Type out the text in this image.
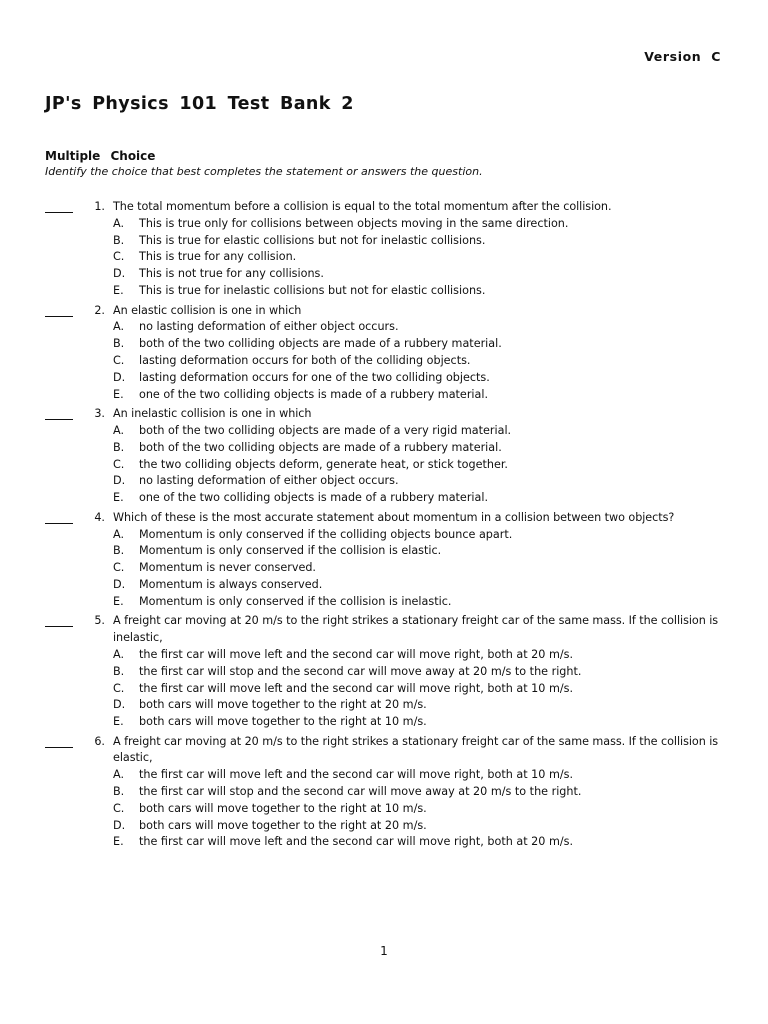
Version C
JP's Physics 101 Test Bank 2

Multiple Choice

Identify the choice that best completes the statement or answers the question.

1. The total momentum before a collision is equal to the total momentum after the collision.
A.	This is true only for collisions between objects moving in the same direction.
B.	This is true for elastic collisions but not for inelastic collisions.
C.	This is true for any collision.
D.	This is not true for any collisions.
E.	This is true for inelastic collisions but not for elastic collisions.
2. An elastic collision is one in which
A.	no lasting deformation of either object occurs.
B.	both of the two colliding objects are made of a rubbery material.
C.	lasting deformation occurs for both of the colliding objects.
D.	lasting deformation occurs for one of the two colliding objects.
E.	one of the two colliding objects is made of a rubbery material.
3. An inelastic collision is one in which
A.	both of the two colliding objects are made of a very rigid material.
B.	both of the two colliding objects are made of a rubbery material.
C.	the two colliding objects deform, generate heat, or stick together.
D.	no lasting deformation of either object occurs.
E.	one of the two colliding objects is made of a rubbery material.
4. Which of these is the most accurate statement about momentum in a collision between two objects?
A.	Momentum is only conserved if the colliding objects bounce apart.
B.	Momentum is only conserved if the collision is elastic.
C.	Momentum is never conserved.
D.	Momentum is always conserved.
E.	Momentum is only conserved if the collision is inelastic.
5. A freight car moving at 20 m/s to the right strikes a stationary freight car of the same mass. If the collision is inelastic,
A.	the first car will move left and the second car will move right, both at 20 m/s.
B.	the first car will stop and the second car will move away at 20 m/s to the right.
C.	the first car will move left and the second car will move right, both at 10 m/s.
D.	both cars will move together to the right at 20 m/s.
E.	both cars will move together to the right at 10 m/s.
6. A freight car moving at 20 m/s to the right strikes a stationary freight car of the same mass. If the collision is elastic,
A.	the first car will move left and the second car will move right, both at 10 m/s.
B.	the first car will stop and the second car will move away at 20 m/s to the right.
C.	both cars will move together to the right at 10 m/s.
D.	both cars will move together to the right at 20 m/s.
E.	the first car will move left and the second car will move right, both at 20 m/s.
1
